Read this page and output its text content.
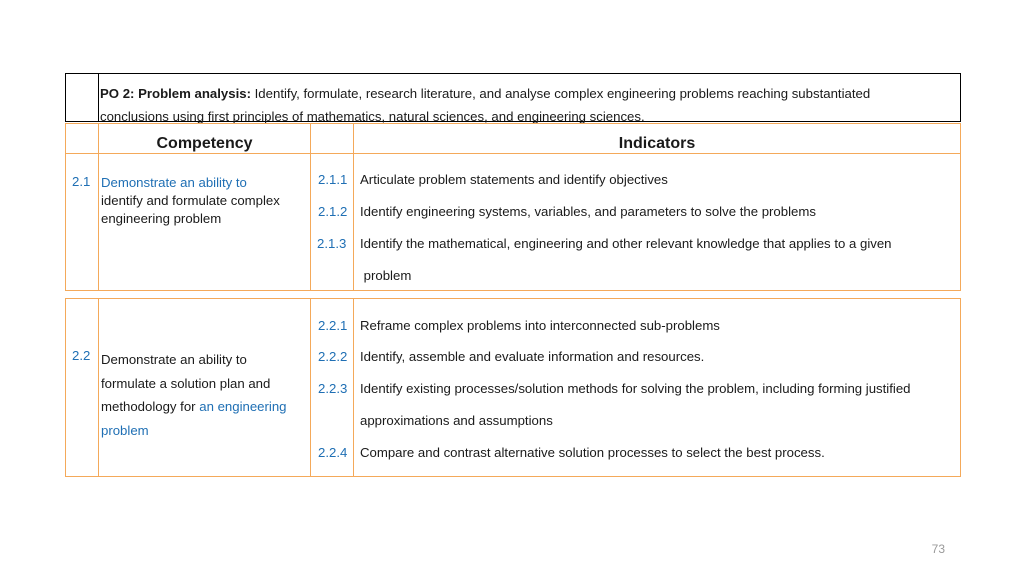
PO 2: Problem analysis: Identify, formulate, research literature, and analyse complex engineering problems reaching substantiated
conclusions using first principles of mathematics, natural sciences, and engineering sciences.
Competency	Indicators
2.1 Demonstrate an ability to
identify and formulate complex
engineering problem
2.1.1 Articulate problem statements and identify objectives
2.1.2 Identify engineering systems, variables, and parameters to solve the problems
2.1.3 Identify the mathematical, engineering and other relevant knowledge that applies to a given
problem
2.2 Demonstrate an ability to
formulate a solution plan and
methodology for an engineering
problem
2.2.1 Reframe complex problems into interconnected sub-problems
2.2.2 Identify, assemble and evaluate information and resources.
2.2.3 Identify existing processes/solution methods for solving the problem, including forming justified
approximations and assumptions
2.2.4 Compare and contrast alternative solution processes to select the best process.
73
